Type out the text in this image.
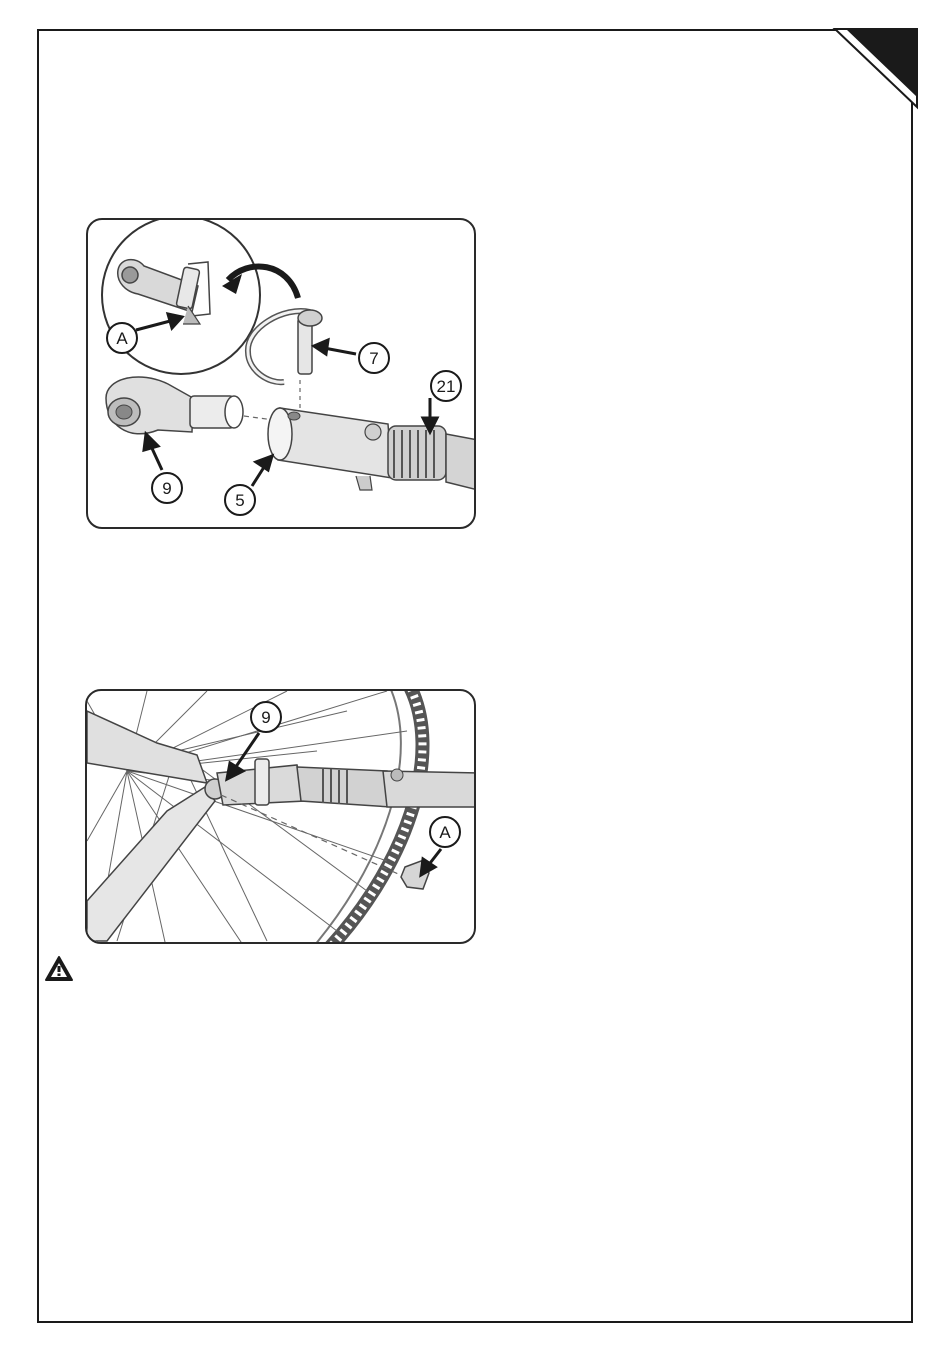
A
7
21
9
5
9
A
